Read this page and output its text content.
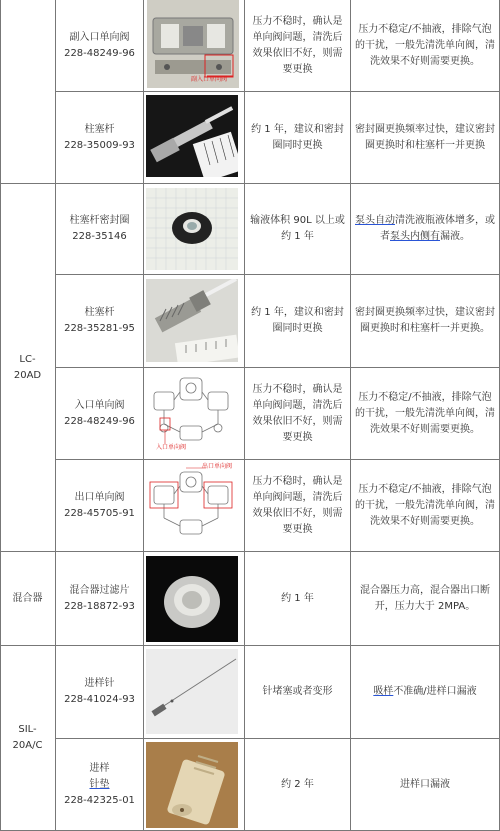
LC-
20AD
混合器
SIL-
20A/C
副入口单向阀
228-48249-96
副入口单向阀
压力不稳时，确认是单向阀问题，清洗后效果依旧不好，则需要更换
压力不稳定/不抽液，排除气泡的干扰，一般先清洗单向阀，清洗效果不好则需要更换。
柱塞杆
228-35009-93
约 1 年，建议和密封圈同时更换
密封圈更换频率过快，建议密封圈更换时和柱塞杆一并更换
柱塞杆密封圈
228-35146
输液体积 90L 以上或约 1 年
泵头自动清洗液瓶液体增多，或者泵头内侧有漏液。
柱塞杆
228-35281-95
约 1 年，建议和密封圈同时更换
密封圈更换频率过快，建议密封圈更换时和柱塞杆一并更换。
入口单向阀
228-48249-96
入口单向阀
压力不稳时，确认是单向阀问题，清洗后效果依旧不好，则需要更换
压力不稳定/不抽液，排除气泡的干扰，一般先清洗单向阀，清洗效果不好则需要更换。
出口单向阀
228-45705-91
出口单向阀
压力不稳时，确认是单向阀问题，清洗后效果依旧不好，则需要更换
压力不稳定/不抽液，排除气泡的干扰，一般先清洗单向阀，清洗效果不好则需要更换。
混合器过滤片
228-18872-93
约 1 年
混合器压力高，混合器出口断开，压力大于 2MPA。
进样针
228-41024-93
针堵塞或者变形	吸样不准确/进样口漏液
进样
针垫
228-42325-01
约 2 年	进样口漏液
